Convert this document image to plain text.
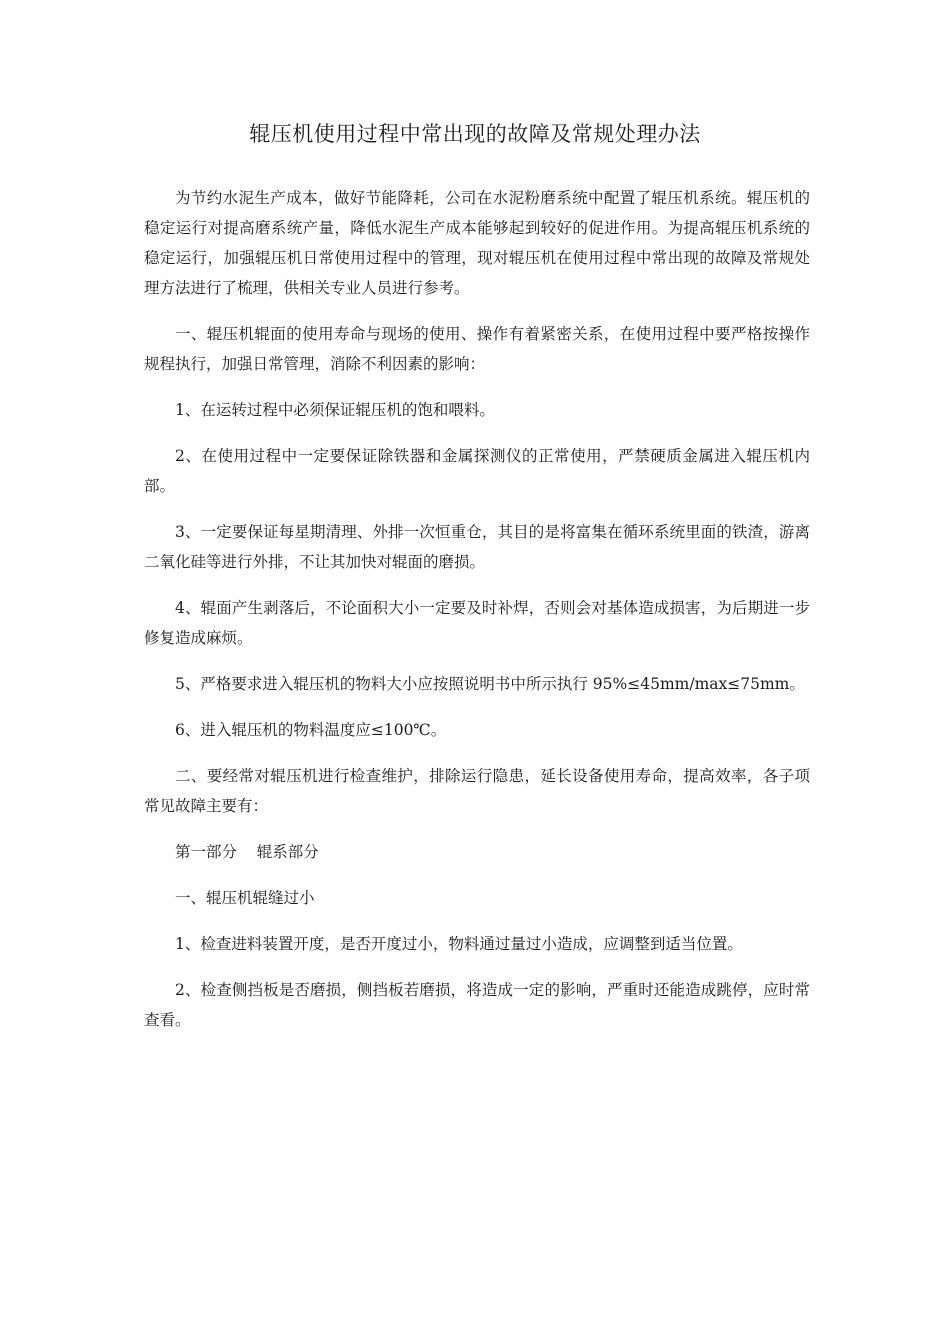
辊压机使用过程中常出现的故障及常规处理办法

为节约水泥生产成本，做好节能降耗，公司在水泥粉磨系统中配置了辊压机系统。辊压机的稳定运行对提高磨系统产量，降低水泥生产成本能够起到较好的促进作用。为提高辊压机系统的稳定运行，加强辊压机日常使用过程中的管理，现对辊压机在使用过程中常出现的故障及常规处理方法进行了梳理，供相关专业人员进行参考。

一、辊压机辊面的使用寿命与现场的使用、操作有着紧密关系，在使用过程中要严格按操作规程执行，加强日常管理，消除不利因素的影响：

1、在运转过程中必须保证辊压机的饱和喂料。

2、在使用过程中一定要保证除铁器和金属探测仪的正常使用，严禁硬质金属进入辊压机内部。

3、一定要保证每星期清理、外排一次恒重仓，其目的是将富集在循环系统里面的铁渣，游离二氧化硅等进行外排，不让其加快对辊面的磨损。

4、辊面产生剥落后，不论面积大小一定要及时补焊，否则会对基体造成损害，为后期进一步修复造成麻烦。

5、严格要求进入辊压机的物料大小应按照说明书中所示执行 95%≤45mm/max≤75mm。

6、进入辊压机的物料温度应≤100℃。

二、要经常对辊压机进行检查维护，排除运行隐患，延长设备使用寿命，提高效率，各子项常见故障主要有：

第一部分    辊系部分

一、辊压机辊缝过小

1、检查进料装置开度，是否开度过小，物料通过量过小造成，应调整到适当位置。

2、检查侧挡板是否磨损，侧挡板若磨损，将造成一定的影响，严重时还能造成跳停，应时常查看。
